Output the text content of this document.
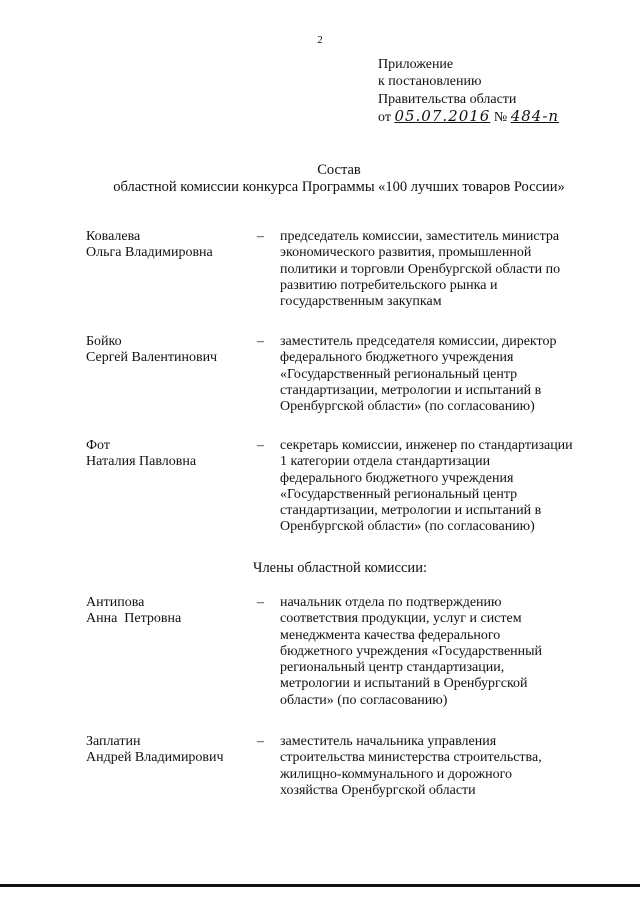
2
Приложение
к постановлению
Правительства области
от 05.07.2016 № 484-п
Состав
областной комиссии конкурса Программы «100 лучших товаров России»
Ковалева
Ольга Владимировна
– председатель комиссии, заместитель министра
экономического развития, промышленной
политики и торговли Оренбургской области по
развитию потребительского рынка и
государственным закупкам
Бойко
Сергей Валентинович
– заместитель председателя комиссии, директор
федерального бюджетного учреждения
«Государственный региональный центр
стандартизации, метрологии и испытаний в
Оренбургской области» (по согласованию)
Фот
Наталия Павловна
– секретарь комиссии, инженер по стандартизации
1 категории отдела стандартизации
федерального бюджетного учреждения
«Государственный региональный центр
стандартизации, метрологии и испытаний в
Оренбургской области» (по согласованию)
Члены областной комиссии:
Антипова
Анна  Петровна
– начальник отдела по подтверждению
соответствия продукции, услуг и систем
менеджмента качества федерального
бюджетного учреждения «Государственный
региональный центр стандартизации,
метрологии и испытаний в Оренбургской
области» (по согласованию)
Заплатин
Андрей Владимирович
– заместитель начальника управления
строительства министерства строительства,
жилищно-коммунального и дорожного
хозяйства Оренбургской области
